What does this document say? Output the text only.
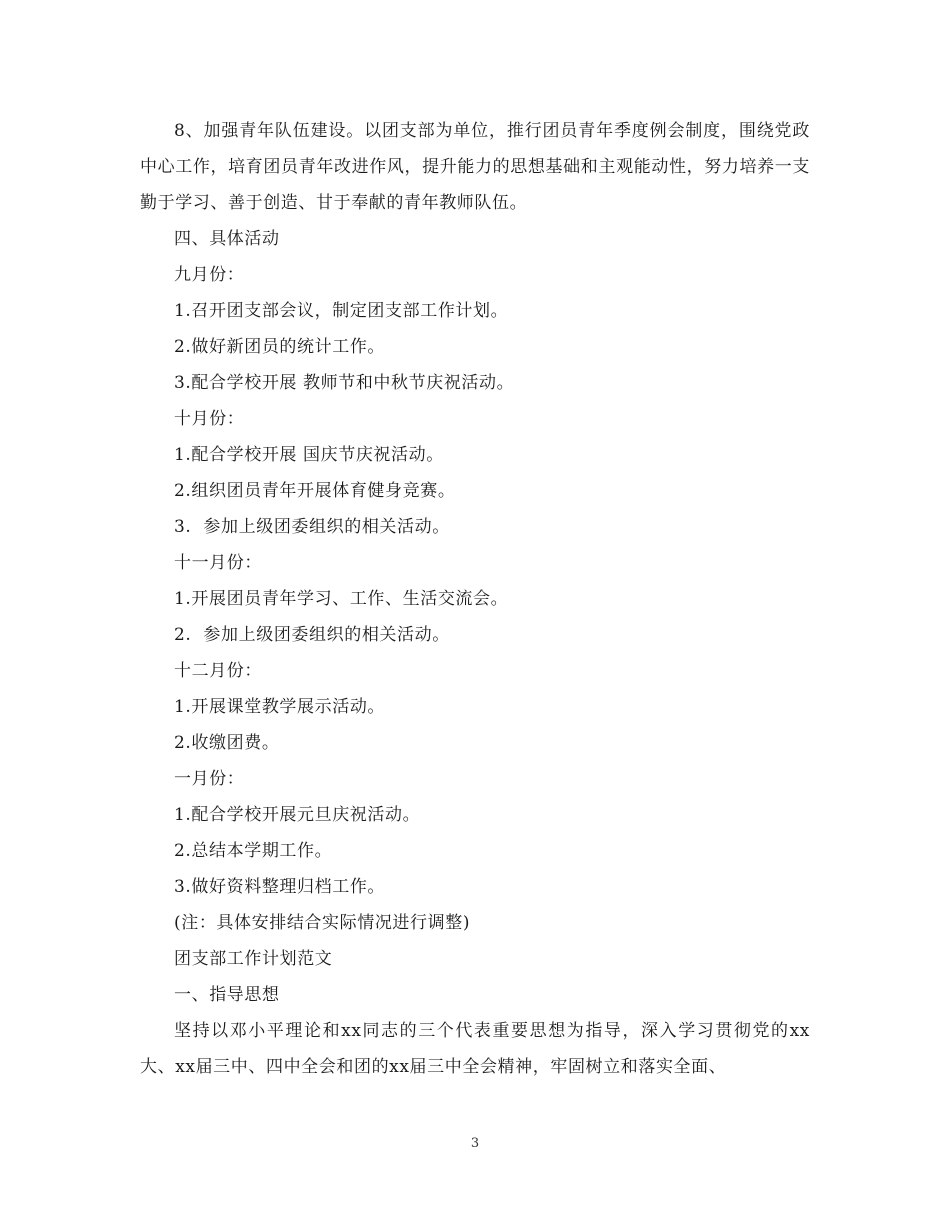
8、加强青年队伍建设。以团支部为单位，推行团员青年季度例会制度，围绕党政中心工作，培育团员青年改进作风，提升能力的思想基础和主观能动性，努力培养一支勤于学习、善于创造、甘于奉献的青年教师队伍。

四、具体活动

九月份：

1.召开团支部会议，制定团支部工作计划。

2.做好新团员的统计工作。

3.配合学校开展 教师节和中秋节庆祝活动。

十月份：

1.配合学校开展 国庆节庆祝活动。

2.组织团员青年开展体育健身竞赛。

3.  参加上级团委组织的相关活动。

十一月份：

1.开展团员青年学习、工作、生活交流会。

2.  参加上级团委组织的相关活动。

十二月份：

1.开展课堂教学展示活动。

2.收缴团费。

一月份：

1.配合学校开展元旦庆祝活动。

2.总结本学期工作。

3.做好资料整理归档工作。

(注：具体安排结合实际情况进行调整)

团支部工作计划范文

一、指导思想

坚持以邓小平理论和xx同志的三个代表重要思想为指导，深入学习贯彻党的xx大、xx届三中、四中全会和团的xx届三中全会精神，牢固树立和落实全面、

3
